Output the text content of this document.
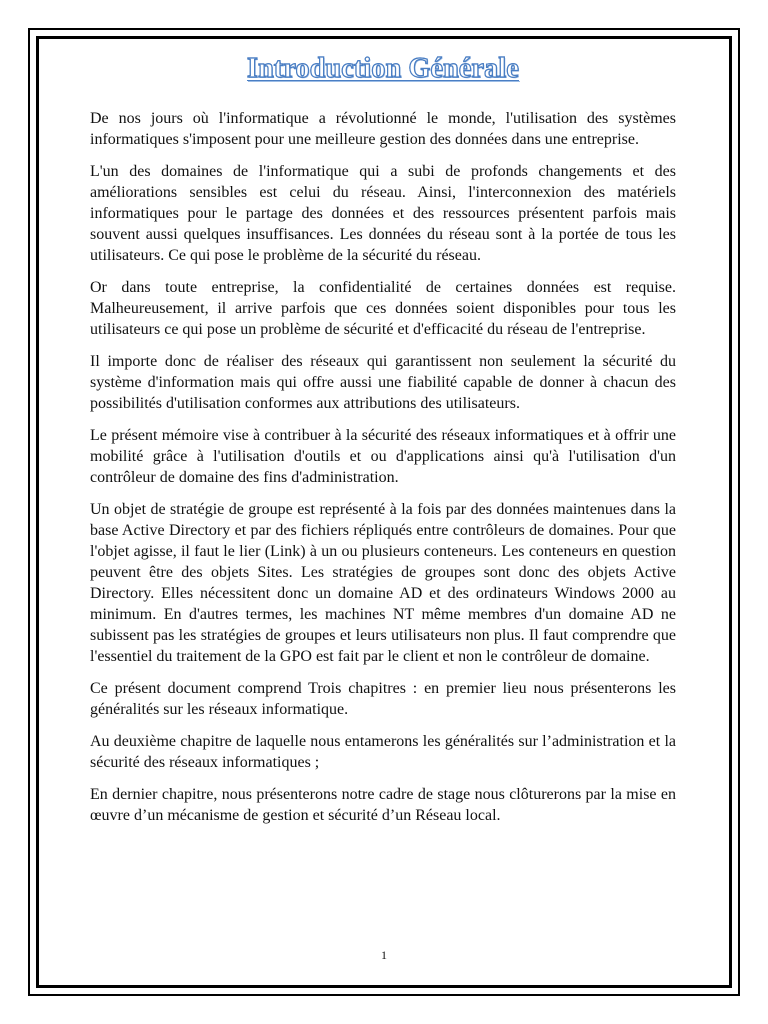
Introduction Générale

De nos jours où l'informatique a révolutionné le monde, l'utilisation des systèmes informatiques s'imposent pour une meilleure gestion des données dans une entreprise.

L'un des domaines de l'informatique qui a subi de profonds changements et des améliorations sensibles est celui du réseau. Ainsi, l'interconnexion des matériels informatiques pour le partage des données et des ressources présentent parfois mais souvent aussi quelques insuffisances. Les données du réseau sont à la portée de tous les utilisateurs. Ce qui pose le problème de la sécurité du réseau.

Or dans toute entreprise, la confidentialité de certaines données est requise. Malheureusement, il arrive parfois que ces données soient disponibles pour tous les utilisateurs ce qui pose un problème de sécurité et d'efficacité du réseau de l'entreprise.

Il importe donc de réaliser des réseaux qui garantissent non seulement la sécurité du système d'information mais qui offre aussi une fiabilité capable de donner à chacun des possibilités d'utilisation conformes aux attributions des utilisateurs.

Le présent mémoire vise à contribuer à la sécurité des réseaux informatiques et à offrir une mobilité grâce à l'utilisation d'outils et ou d'applications ainsi qu'à l'utilisation d'un contrôleur de domaine des fins d'administration.

Un objet de stratégie de groupe est représenté à la fois par des données maintenues dans la base Active Directory et par des fichiers répliqués entre contrôleurs de domaines. Pour que l'objet agisse, il faut le lier (Link) à un ou plusieurs conteneurs. Les conteneurs en question peuvent être des objets Sites. Les stratégies de groupes sont donc des objets Active Directory. Elles nécessitent donc un domaine AD et des ordinateurs Windows 2000 au minimum. En d'autres termes, les machines NT même membres d'un domaine AD ne subissent pas les stratégies de groupes et leurs utilisateurs non plus. Il faut comprendre que l'essentiel du traitement de la GPO est fait par le client et non le contrôleur de domaine.

Ce présent document comprend Trois chapitres : en premier lieu nous présenterons les généralités sur les réseaux informatique.

Au deuxième chapitre de laquelle nous entamerons les généralités sur l’administration et la sécurité des réseaux informatiques ;

En dernier chapitre, nous présenterons notre cadre de stage nous clôturerons par la mise en œuvre d’un mécanisme de gestion et sécurité d’un Réseau local.

1
